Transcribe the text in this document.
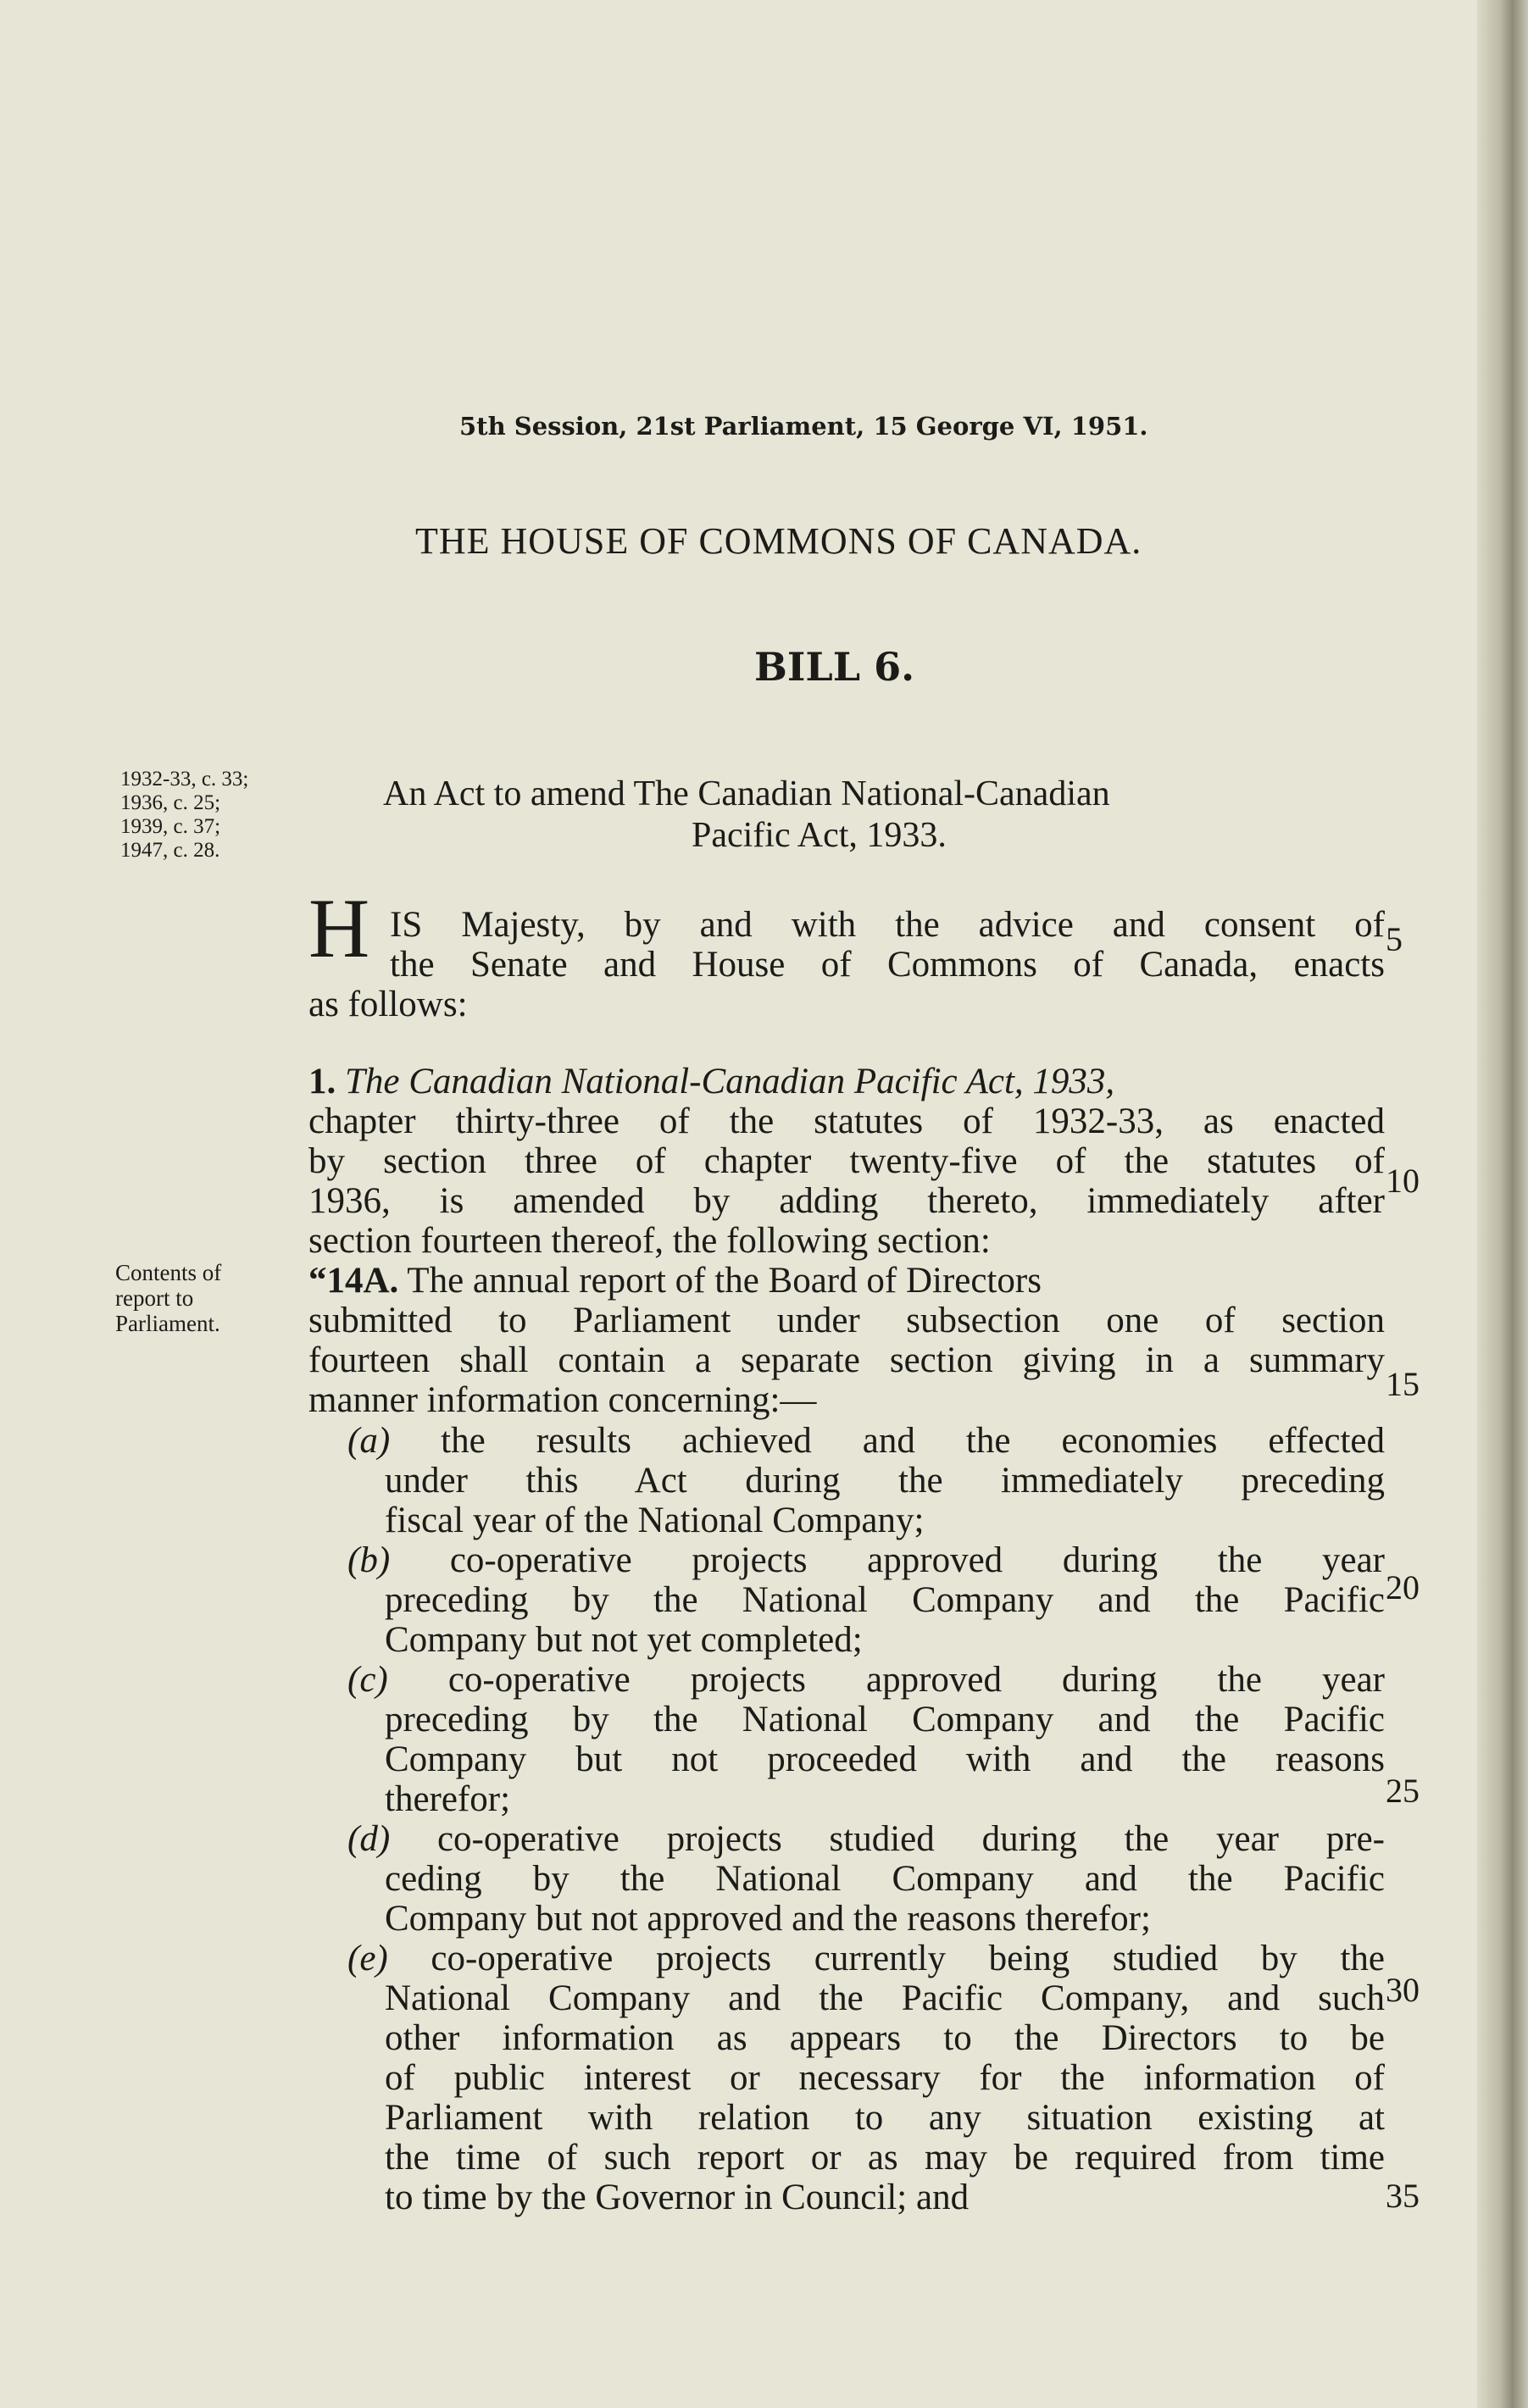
5th Session, 21st Parliament, 15 George VI, 1951.
THE HOUSE OF COMMONS OF CANADA.
BILL 6.
1932-33, c. 33;
1936, c. 25;
1939, c. 37;
1947, c. 28.
Contents of
report to
Parliament.
An Act to amend The Canadian National-Canadian
Pacific Act, 1933.
H IS Majesty, by and with the advice and consent of
the Senate and House of Commons of Canada, enacts
as follows:
1. The Canadian National-Canadian Pacific Act, 1933,
chapter thirty-three of the statutes of 1932-33, as enacted
by section three of chapter twenty-five of the statutes of
1936, is amended by adding thereto, immediately after
section fourteen thereof, the following section:
“14A. The annual report of the Board of Directors
submitted to Parliament under subsection one of section
fourteen shall contain a separate section giving in a summary
manner information concerning:—
(a) the results achieved and the economies effected
under this Act during the immediately preceding
fiscal year of the National Company;
(b) co-operative projects approved during the year
preceding by the National Company and the Pacific
Company but not yet completed;
(c) co-operative projects approved during the year
preceding by the National Company and the Pacific
Company but not proceeded with and the reasons
therefor;
(d) co-operative projects studied during the year pre-
ceding by the National Company and the Pacific
Company but not approved and the reasons therefor;
(e) co-operative projects currently being studied by the
National Company and the Pacific Company, and such
other information as appears to the Directors to be
of public interest or necessary for the information of
Parliament with relation to any situation existing at
the time of such report or as may be required from time
to time by the Governor in Council; and
5
10
15
20
25
30
35
